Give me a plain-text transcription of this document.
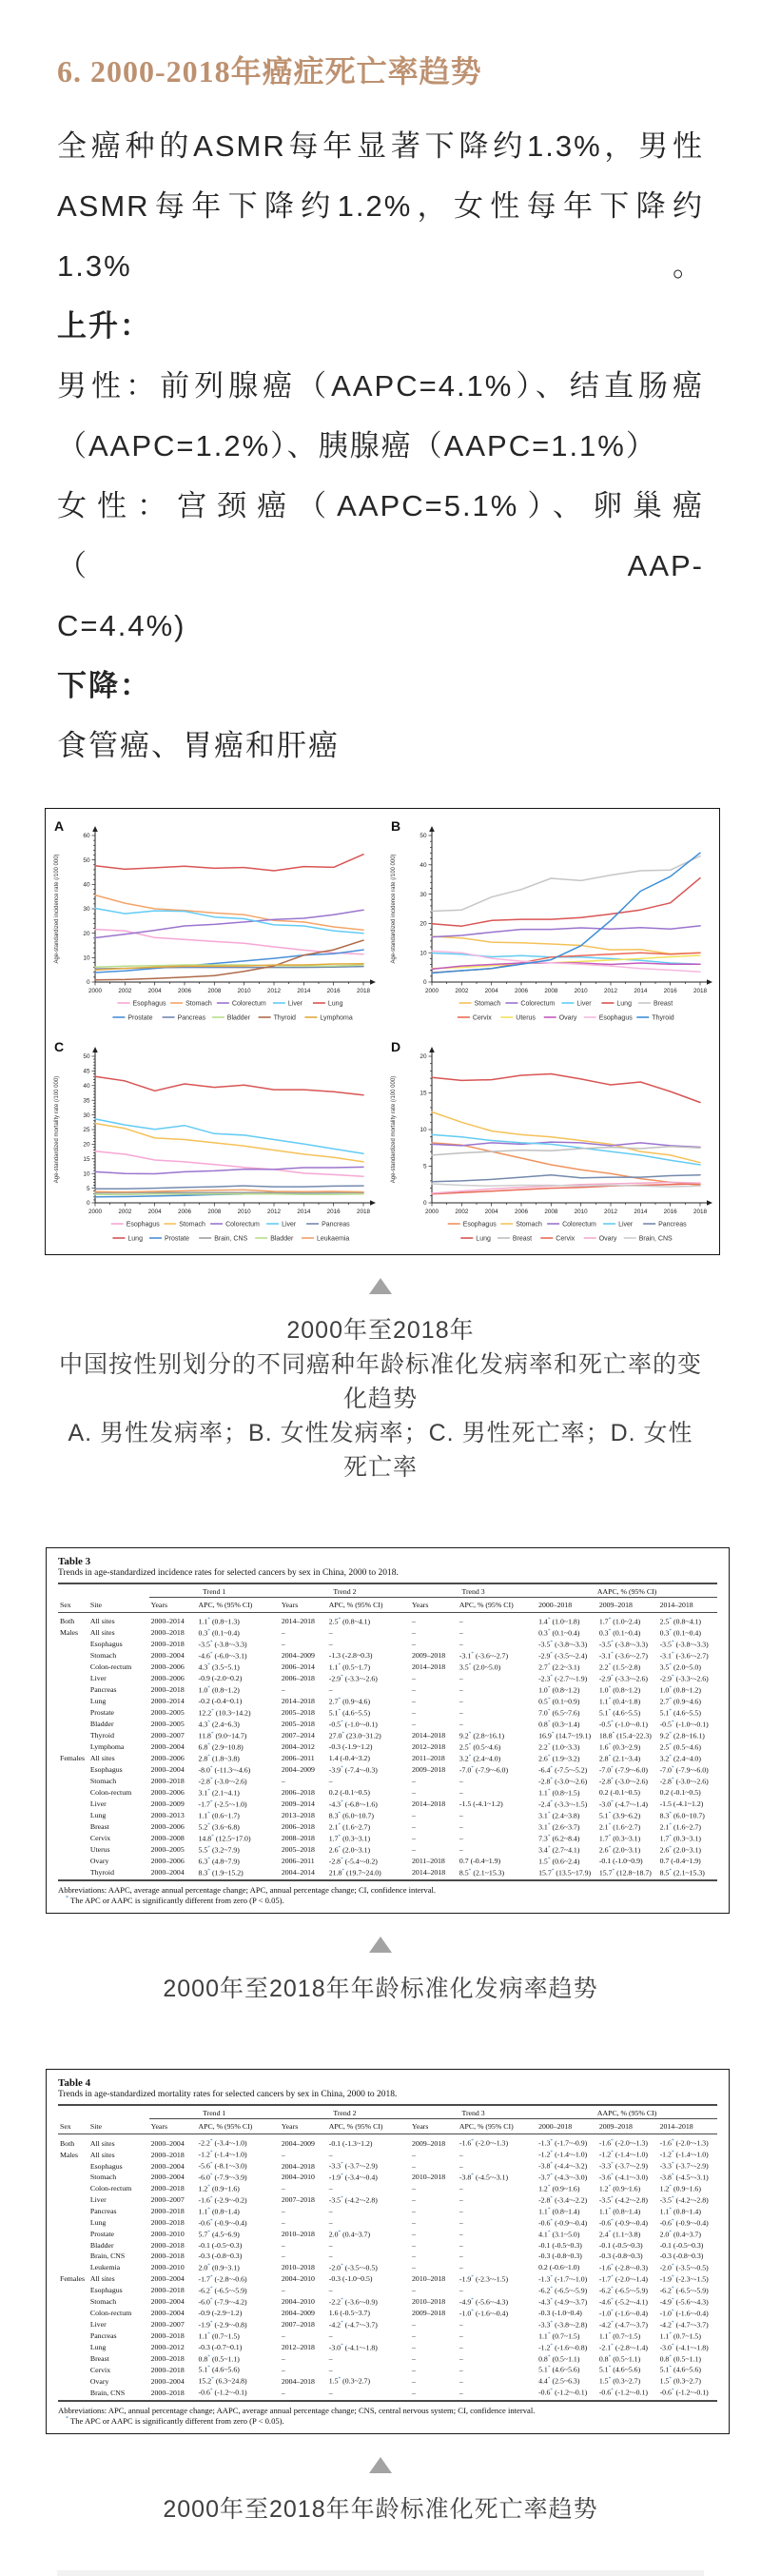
6. 2000-2018年癌症死亡率趋势

全癌种的ASMR每年显著下降约1.3%，男性

ASMR每年下降约1.2%，女性每年下降约1.3%。

上升：

男性：前列腺癌（AAPC=4.1%）、结直肠癌

（AAPC=1.2%）、胰腺癌（AAPC=1.1%）

女性：宫颈癌（AAPC=5.1%）、卵巢癌（AAP-

C=4.4%)

下降：

食管癌、胃癌和肝癌

0
10
20
30
40
50
60
2000	2002	2004	2006	2008	2010	2012	2014	2016	2018
Age-standardized incidence rate (/100 000)
A
Esophagus	Stomach	Colorectum	Liver	Lung
Prostate	Pancreas	Bladder	Thyroid	Lymphoma
0
10
20
30
40
50
2000	2002	2004	2006	2008	2010	2012	2014	2016	2018
Age-standardized incidence rate (/100 000)
B
Stomach	Colorectum	Liver	Lung	Breast
Cervix	Uterus	Ovary	Esophagus	Thyroid
0
5
10
15
20
25
30
35
40
45
50
2000	2002	2004	2006	2008	2010	2012	2014	2016	2018
Age-standardized mortality rate (/100 000)
C
Esophagus	Stomach	Colorectum	Liver	Pancreas
Lung	Prostate	Brain, CNS	Bladder	Leukaemia
0
5
10
15
20
2000	2002	2004	2006	2008	2010	2012	2014	2016	2018
Age-standardized mortality rate (/100 000)
D
Esophagus	Stomach	Colorectum	Liver	Pancreas
Lung	Breast	Cervix	Ovary	Brain, CNS

2000年至2018年

中国按性别划分的不同癌种年龄标准化发病率和死亡率的变化趋势

A. 男性发病率；B. 女性发病率；C. 男性死亡率；D. 女性死亡率

Table 3

Trends in age-standardized incidence rates for selected cancers by sex in China, 2000 to 2018.

Sex	Site	Trend 1		Trend 2		Trend 3		AAPC, % (95% CI)		
		Years	APC, % (95% CI)	Years	APC, % (95% CI)	Years	APC, % (95% CI)	2000–2018	2009–2018	2014–2018
Both	All sites	2000–2014	1.1* (0.8~1.3)	2014–2018	2.5* (0.8~4.1)	–	–	1.4* (1.0~1.8)	1.7* (1.0~2.4)	2.5* (0.8~4.1)
Males	All sites	2000–2018	0.3* (0.1~0.4)	–	–	–	–	0.3* (0.1~0.4)	0.3* (0.1~0.4)	0.3* (0.1~0.4)
	Esophagus	2000–2018	-3.5* (-3.8~-3.3)	–	–	–	–	-3.5* (-3.8~-3.3)	-3.5* (-3.8~-3.3)	-3.5* (-3.8~-3.3)
	Stomach	2000–2004	-4.6* (-6.0~-3.1)	2004–2009	-1.3 (-2.8~0.3)	2009–2018	-3.1* (-3.6~-2.7)	-2.9* (-3.5~-2.4)	-3.1* (-3.6~-2.7)	-3.1* (-3.6~-2.7)
	Colon-rectum	2000–2006	4.3* (3.5~5.1)	2006–2014	1.1* (0.5~1.7)	2014–2018	3.5* (2.0~5.0)	2.7* (2.2~3.1)	2.2* (1.5~2.8)	3.5* (2.0~5.0)
	Liver	2000–2006	-0.9 (-2.0~0.2)	2006–2018	-2.9* (-3.3~-2.6)	–	–	-2.3* (-2.7~-1.9)	-2.9* (-3.3~-2.6)	-2.9* (-3.3~-2.6)
	Pancreas	2000–2018	1.0* (0.8~1.2)	–	–	–	–	1.0* (0.8~1.2)	1.0* (0.8~1.2)	1.0* (0.8~1.2)
	Lung	2000–2014	-0.2 (-0.4~0.1)	2014–2018	2.7* (0.9~4.6)	–	–	0.5* (0.1~0.9)	1.1* (0.4~1.8)	2.7* (0.9~4.6)
	Prostate	2000–2005	12.2* (10.3~14.2)	2005–2018	5.1* (4.6~5.5)	–	–	7.0* (6.5~7.6)	5.1* (4.6~5.5)	5.1* (4.6~5.5)
	Bladder	2000–2005	4.3* (2.4~6.3)	2005–2018	-0.5* (-1.0~-0.1)	–	–	0.8* (0.3~1.4)	-0.5* (-1.0~-0.1)	-0.5* (-1.0~-0.1)
	Thyroid	2000–2007	11.8* (9.0~14.7)	2007–2014	27.0* (23.0~31.2)	2014–2018	9.2* (2.8~16.1)	16.9* (14.7~19.1)	18.8* (15.4~22.3)	9.2* (2.8~16.1)
	Lymphoma	2000–2004	6.8* (2.9~10.8)	2004–2012	-0.3 (-1.9~1.2)	2012–2018	2.5* (0.5~4.6)	2.2* (1.0~3.3)	1.6* (0.3~2.9)	2.5* (0.5~4.6)
Females	All sites	2000–2006	2.8* (1.8~3.8)	2006–2011	1.4 (-0.4~3.2)	2011–2018	3.2* (2.4~4.0)	2.6* (1.9~3.2)	2.8* (2.1~3.4)	3.2* (2.4~4.0)
	Esophagus	2000–2004	-8.0* (-11.3~-4.6)	2004–2009	-3.9* (-7.4~-0.3)	2009–2018	-7.0* (-7.9~-6.0)	-6.4* (-7.5~-5.2)	-7.0* (-7.9~-6.0)	-7.0* (-7.9~-6.0)
	Stomach	2000–2018	-2.8* (-3.0~-2.6)	–	–	–	–	-2.8* (-3.0~-2.6)	-2.8* (-3.0~-2.6)	-2.8* (-3.0~-2.6)
	Colon-rectum	2000–2006	3.1* (2.1~4.1)	2006–2018	0.2 (-0.1~0.5)	–	–	1.1* (0.8~1.5)	0.2 (-0.1~0.5)	0.2 (-0.1~0.5)
	Liver	2000–2009	-1.7* (-2.5~-1.0)	2009–2014	-4.3* (-6.8~-1.6)	2014–2018	-1.5 (-4.1~1.2)	-2.4* (-3.3~-1.5)	-3.0* (-4.7~-1.4)	-1.5 (-4.1~1.2)
	Lung	2000–2013	1.1* (0.6~1.7)	2013–2018	8.3* (6.0~10.7)	–	–	3.1* (2.4~3.8)	5.1* (3.9~6.2)	8.3* (6.0~10.7)
	Breast	2000–2006	5.2* (3.6~6.8)	2006–2018	2.1* (1.6~2.7)	–	–	3.1* (2.6~3.7)	2.1* (1.6~2.7)	2.1* (1.6~2.7)
	Cervix	2000–2008	14.8* (12.5~17.0)	2008–2018	1.7* (0.3~3.1)	–	–	7.3* (6.2~8.4)	1.7* (0.3~3.1)	1.7* (0.3~3.1)
	Uterus	2000–2005	5.5* (3.2~7.9)	2005–2018	2.6* (2.0~3.1)	–	–	3.4* (2.7~4.1)	2.6* (2.0~3.1)	2.6* (2.0~3.1)
	Ovary	2000–2006	6.3* (4.8~7.9)	2006–2011	-2.8* (-5.4~-0.2)	2011–2018	0.7 (-0.4~1.9)	1.5* (0.6~2.4)	-0.1 (-1.0~0.9)	0.7 (-0.4~1.9)
	Thyroid	2000–2004	8.3* (1.9~15.2)	2004–2014	21.8* (19.7~24.0)	2014–2018	8.5* (2.1~15.3)	15.7* (13.5~17.9)	15.7* (12.8~18.7)	8.5* (2.1~15.3)

Abbreviations: AAPC, average annual percentage change; APC, annual percentage change; CI, confidence interval.

* The APC or AAPC is significantly different from zero (P < 0.05).

2000年至2018年年龄标准化发病率趋势

Table 4

Trends in age-standardized mortality rates for selected cancers by sex in China, 2000 to 2018.

Sex	Site	Trend 1		Trend 2		Trend 3		AAPC, % (95% CI)		
		Years	APC, % (95% CI)	Years	APC, % (95% CI)	Years	APC, % (95% CI)	2000–2018	2009–2018	2014–2018
Both	All sites	2000–2004	-2.2* (-3.4~-1.0)	2004–2009	-0.1 (-1.3~1.2)	2009–2018	-1.6* (-2.0~-1.3)	-1.3* (-1.7~-0.9)	-1.6* (-2.0~-1.3)	-1.6* (-2.0~-1.3)
Males	All sites	2000–2018	-1.2* (-1.4~-1.0)	–	–	–	–	-1.2* (-1.4~-1.0)	-1.2* (-1.4~-1.0)	-1.2* (-1.4~-1.0)
	Esophagus	2000–2004	-5.6* (-8.1~-3.0)	2004–2018	-3.3* (-3.7~-2.9)	–	–	-3.8* (-4.4~-3.2)	-3.3* (-3.7~-2.9)	-3.3* (-3.7~-2.9)
	Stomach	2000–2004	-6.0* (-7.9~-3.9)	2004–2010	-1.9* (-3.4~-0.4)	2010–2018	-3.8* (-4.5~-3.1)	-3.7* (-4.3~-3.0)	-3.6* (-4.1~-3.0)	-3.8* (-4.5~-3.1)
	Colon-rectum	2000–2018	1.2* (0.9~1.6)	–	–	–	–	1.2* (0.9~1.6)	1.2* (0.9~1.6)	1.2* (0.9~1.6)
	Liver	2000–2007	-1.6* (-2.9~-0.2)	2007–2018	-3.5* (-4.2~-2.8)	–	–	-2.8* (-3.4~-2.2)	-3.5* (-4.2~-2.8)	-3.5* (-4.2~-2.8)
	Pancreas	2000–2018	1.1* (0.8~1.4)	–	–	–	–	1.1* (0.8~1.4)	1.1* (0.8~1.4)	1.1* (0.8~1.4)
	Lung	2000–2018	-0.6* (-0.9~-0.4)	–	–	–	–	-0.6* (-0.9~-0.4)	-0.6* (-0.9~-0.4)	-0.6* (-0.9~-0.4)
	Prostate	2000–2010	5.7* (4.5~6.9)	2010–2018	2.0* (0.4~3.7)	–	–	4.1* (3.1~5.0)	2.4* (1.1~3.8)	2.0* (0.4~3.7)
	Bladder	2000–2018	-0.1 (-0.5~0.3)	–	–	–	–	-0.1 (-0.5~0.3)	-0.1 (-0.5~0.3)	-0.1 (-0.5~0.3)
	Brain, CNS	2000–2018	-0.3 (-0.8~0.3)	–	–	–	–	-0.3 (-0.8~0.3)	-0.3 (-0.8~0.3)	-0.3 (-0.8~0.3)
	Leukemia	2000–2010	2.0* (0.9~3.1)	2010–2018	-2.0* (-3.5~-0.5)	–	–	0.2 (-0.6~1.0)	-1.6* (-2.8~-0.3)	-2.0* (-3.5~-0.5)
Females	All sites	2000–2004	-1.7* (-2.8~-0.6)	2004–2010	-0.3 (-1.0~0.5)	2010–2018	-1.9* (-2.3~-1.5)	-1.3* (-1.7~-1.0)	-1.7* (-2.0~-1.4)	-1.9* (-2.3~-1.5)
	Esophagus	2000–2018	-6.2* (-6.5~-5.9)	–	–	–	–	-6.2* (-6.5~-5.9)	-6.2* (-6.5~-5.9)	-6.2* (-6.5~-5.9)
	Stomach	2000–2004	-6.0* (-7.9~-4.2)	2004–2010	-2.2* (-3.6~-0.9)	2010–2018	-4.9* (-5.6~-4.3)	-4.3* (-4.9~-3.7)	-4.6* (-5.2~-4.1)	-4.9* (-5.6~-4.3)
	Colon-rectum	2000–2004	-0.9 (-2.9~1.2)	2004–2009	1.6 (-0.5~3.7)	2009–2018	-1.0* (-1.6~-0.4)	-0.3 (-1.0~0.4)	-1.0* (-1.6~-0.4)	-1.0* (-1.6~-0.4)
	Liver	2000–2007	-1.9* (-2.9~-0.8)	2007–2018	-4.2* (-4.7~-3.7)	–	–	-3.3* (-3.8~-2.8)	-4.2* (-4.7~-3.7)	-4.2* (-4.7~-3.7)
	Pancreas	2000–2018	1.1* (0.7~1.5)	–	–	–	–	1.1* (0.7~1.5)	1.1* (0.7~1.5)	1.1* (0.7~1.5)
	Lung	2000–2012	-0.3 (-0.7~0.1)	2012–2018	-3.0* (-4.1~-1.8)	–	–	-1.2* (-1.6~-0.8)	-2.1* (-2.8~-1.4)	-3.0* (-4.1~-1.8)
	Breast	2000–2018	0.8* (0.5~1.1)	–	–	–	–	0.8* (0.5~1.1)	0.8* (0.5~1.1)	0.8* (0.5~1.1)
	Cervix	2000–2018	5.1* (4.6~5.6)	–	–	–	–	5.1* (4.6~5.6)	5.1* (4.6~5.6)	5.1* (4.6~5.6)
	Ovary	2000–2004	15.2* (6.3~24.8)	2004–2018	1.5* (0.3~2.7)	–	–	4.4* (2.5~6.3)	1.5* (0.3~2.7)	1.5* (0.3~2.7)
	Brain, CNS	2000–2018	-0.6* (-1.2~-0.1)	–	–	–	–	-0.6* (-1.2~-0.1)	-0.6* (-1.2~-0.1)	-0.6* (-1.2~-0.1)

Abbreviations: APC, annual percentage change; AAPC, average annual percentage change; CNS, central nervous system; CI, confidence interval.

* The APC or AAPC is significantly different from zero (P < 0.05).

2000年至2018年年龄标准化死亡率趋势
